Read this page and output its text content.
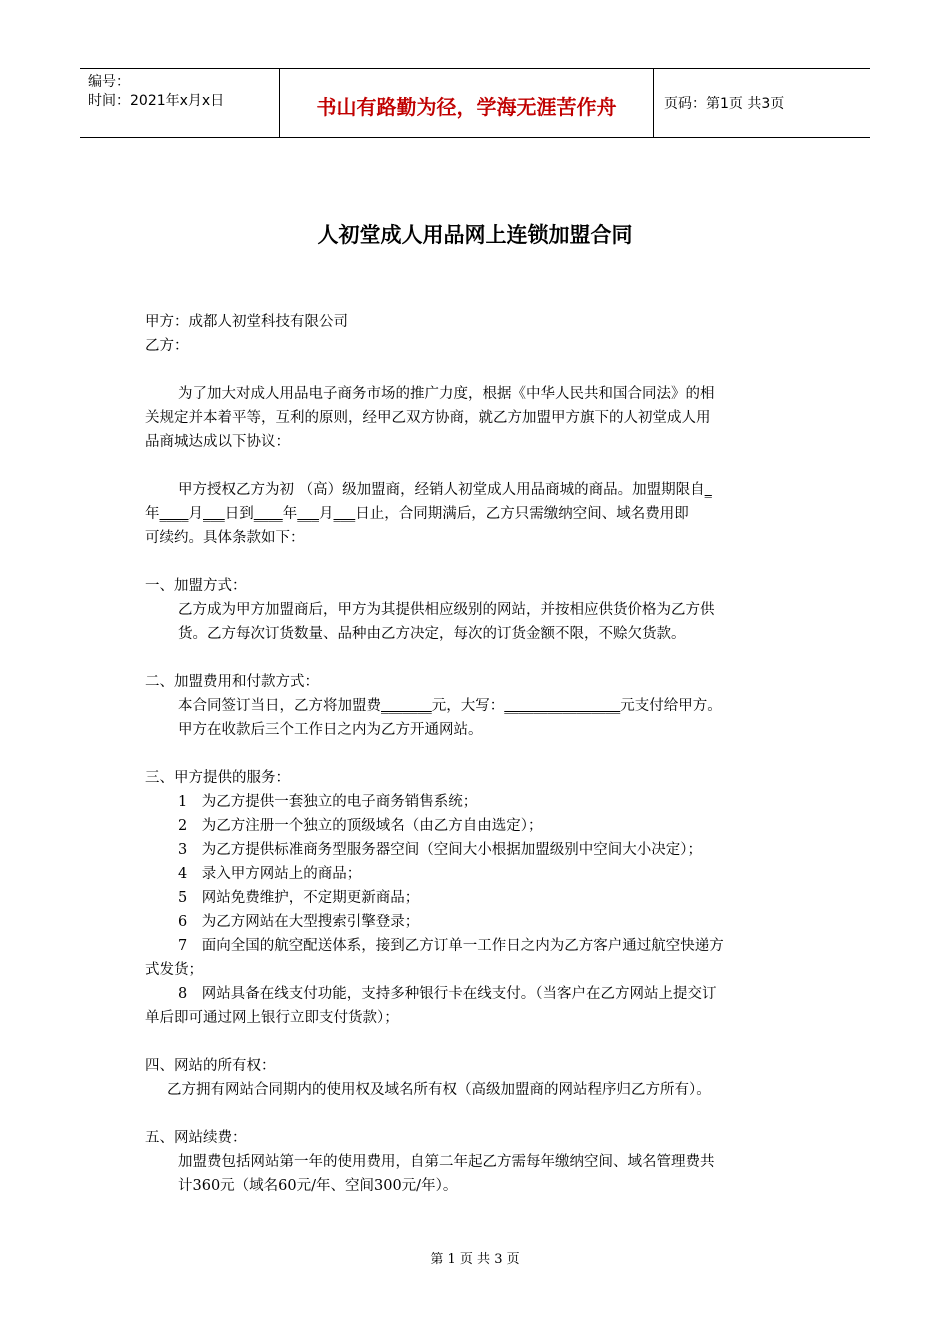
编号：
时间：2021年x月x日	书山有路勤为径，学海无涯苦作舟	页码：第1页 共3页
人初堂成人用品网上连锁加盟合同
甲方：成都人初堂科技有限公司
乙方：
为了加大对成人用品电子商务市场的推广力度，根据《中华人民共和国合同法》的相
关规定并本着平等，互利的原则，经甲乙双方协商，就乙方加盟甲方旗下的人初堂成人用
品商城达成以下协议：
甲方授权乙方为初 （高）级加盟商，经销人初堂成人用品商城的商品。加盟期限自_
年____月___日到____年___月___日止，合同期满后，乙方只需缴纳空间、域名费用即
可续约。具体条款如下：
一、加盟方式：
乙方成为甲方加盟商后，甲方为其提供相应级别的网站，并按相应供货价格为乙方供
货。乙方每次订货数量、品种由乙方决定，每次的订货金额不限，不赊欠货款。
二、加盟费用和付款方式：
本合同签订当日，乙方将加盟费_______元，大写：________________元支付给甲方。
甲方在收款后三个工作日之内为乙方开通网站。
三、甲方提供的服务：
1　为乙方提供一套独立的电子商务销售系统；
2　为乙方注册一个独立的顶级域名（由乙方自由选定）；
3　为乙方提供标准商务型服务器空间（空间大小根据加盟级别中空间大小决定）；
4　录入甲方网站上的商品；
5　网站免费维护，不定期更新商品；
6　为乙方网站在大型搜索引擎登录；
7　面向全国的航空配送体系，接到乙方订单一工作日之内为乙方客户通过航空快递方
式发货；
8　网站具备在线支付功能，支持多种银行卡在线支付。（当客户在乙方网站上提交订
单后即可通过网上银行立即支付货款）；
四、网站的所有权：
乙方拥有网站合同期内的使用权及域名所有权（高级加盟商的网站程序归乙方所有）。
五、网站续费：
加盟费包括网站第一年的使用费用，自第二年起乙方需每年缴纳空间、域名管理费共
计360元（域名60元/年、空间300元/年）。
第 1 页 共 3 页
